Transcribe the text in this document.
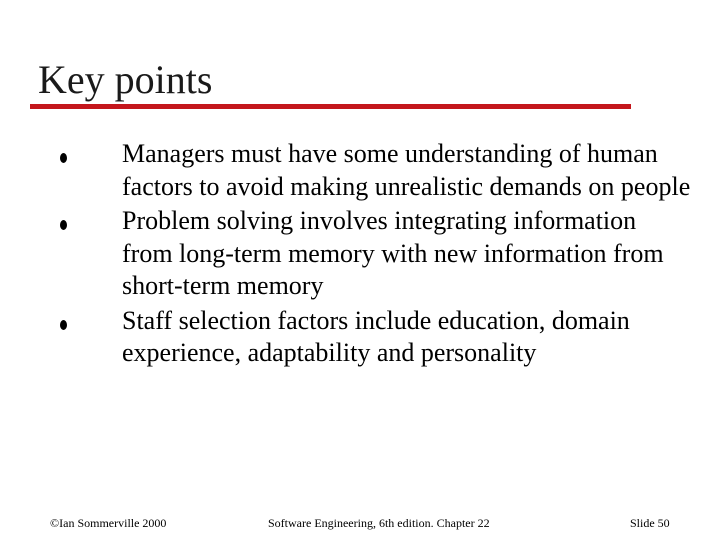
Key points
Managers must have some understanding of human factors to avoid making unrealistic demands on people
Problem solving involves integrating information from long-term memory with new information from short-term memory
Staff selection factors include education, domain experience, adaptability and personality
©Ian Sommerville 2000	Software Engineering, 6th edition. Chapter 22	Slide 50
